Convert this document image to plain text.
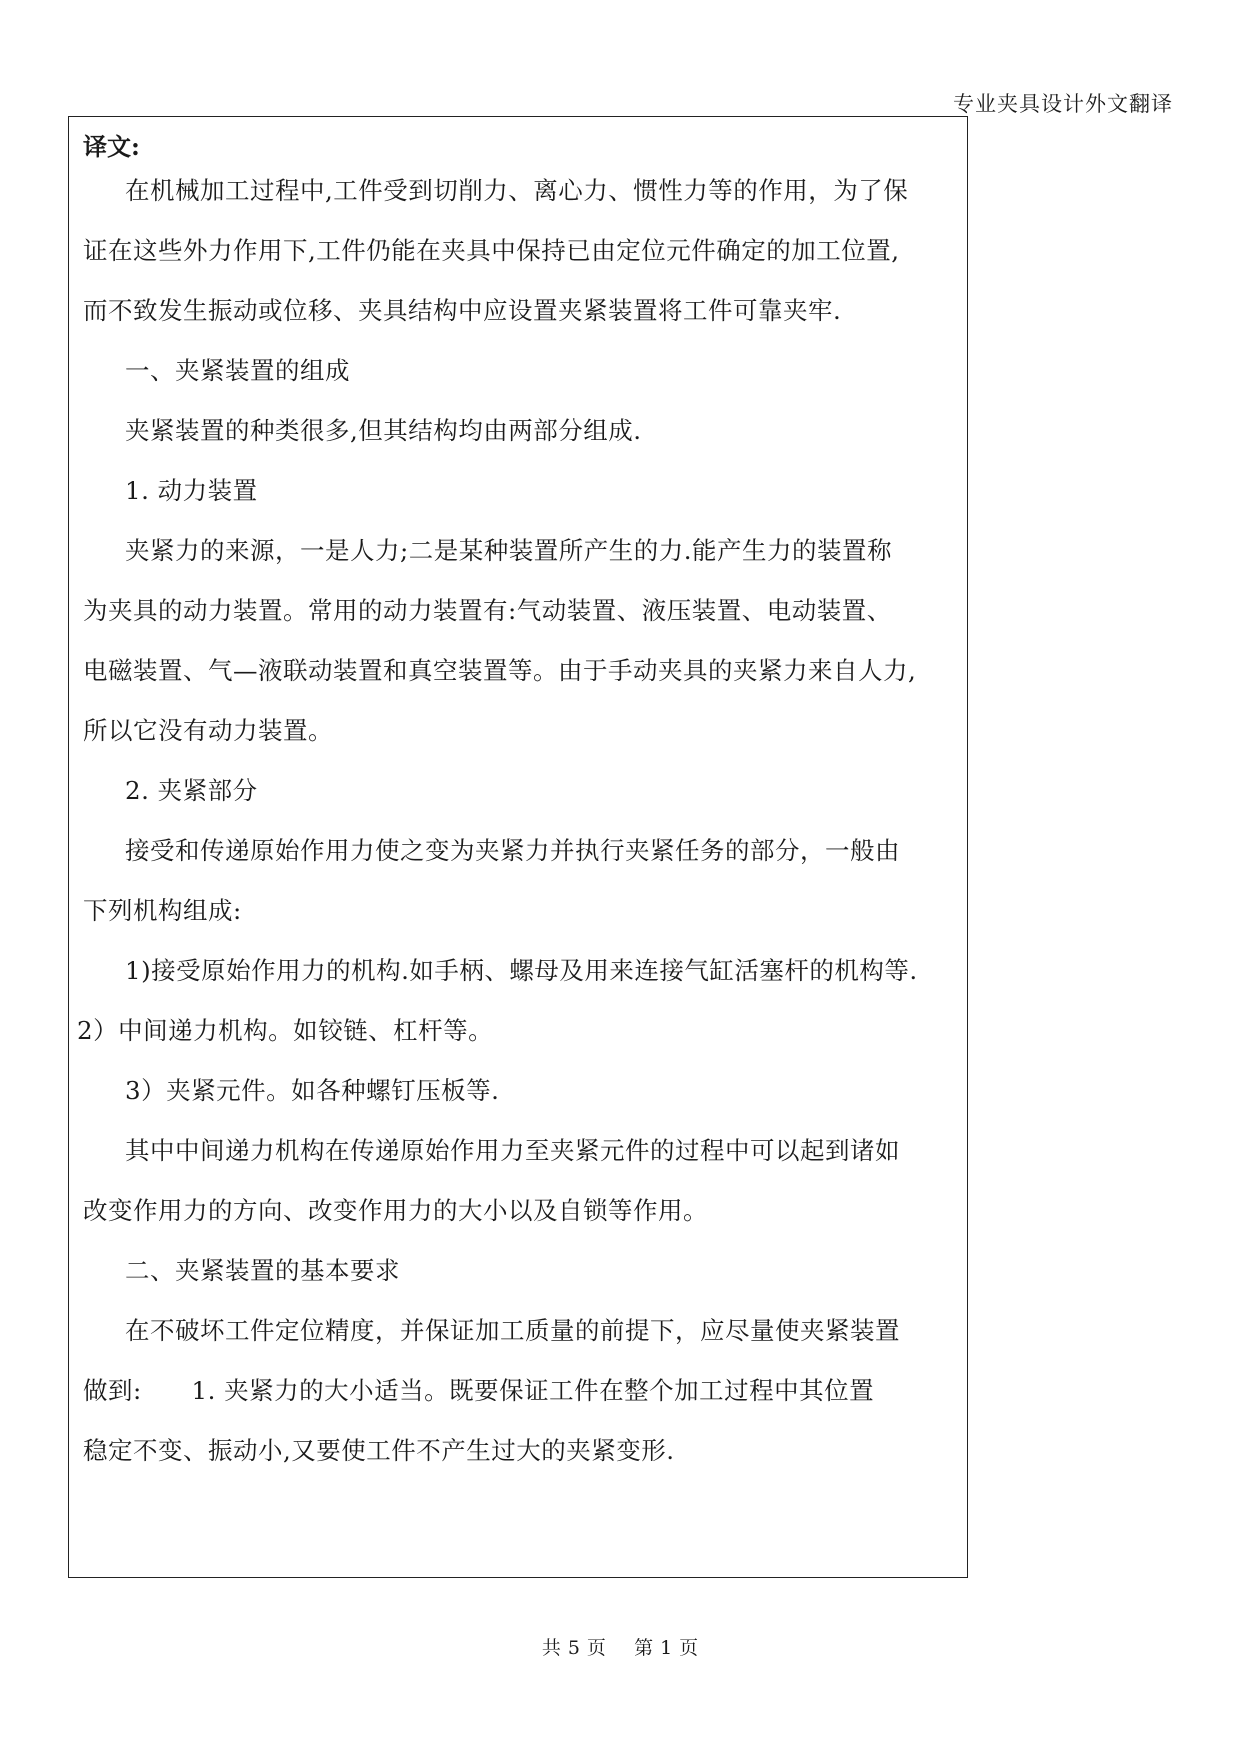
专业夹具设计外文翻译
译文:
在机械加工过程中,工件受到切削力、离心力、惯性力等的作用，为了保
证在这些外力作用下,工件仍能在夹具中保持已由定位元件确定的加工位置,
而不致发生振动或位移、夹具结构中应设置夹紧装置将工件可靠夹牢.
一、夹紧装置的组成
夹紧装置的种类很多,但其结构均由两部分组成.
1. 动力装置
夹紧力的来源，一是人力;二是某种装置所产生的力.能产生力的装置称
为夹具的动力装置。常用的动力装置有:气动装置、液压装置、电动装置、
电磁装置、气—液联动装置和真空装置等。由于手动夹具的夹紧力来自人力,
所以它没有动力装置。
2. 夹紧部分
接受和传递原始作用力使之变为夹紧力并执行夹紧任务的部分，一般由
下列机构组成:
1)接受原始作用力的机构.如手柄、螺母及用来连接气缸活塞杆的机构等.
2）中间递力机构。如铰链、杠杆等。
3）夹紧元件。如各种螺钉压板等.
其中中间递力机构在传递原始作用力至夹紧元件的过程中可以起到诸如
改变作用力的方向、改变作用力的大小以及自锁等作用。
二、夹紧装置的基本要求
在不破坏工件定位精度，并保证加工质量的前提下，应尽量使夹紧装置
做到:      1. 夹紧力的大小适当。既要保证工件在整个加工过程中其位置
稳定不变、振动小,又要使工件不产生过大的夹紧变形.
共 5 页 第 1 页
